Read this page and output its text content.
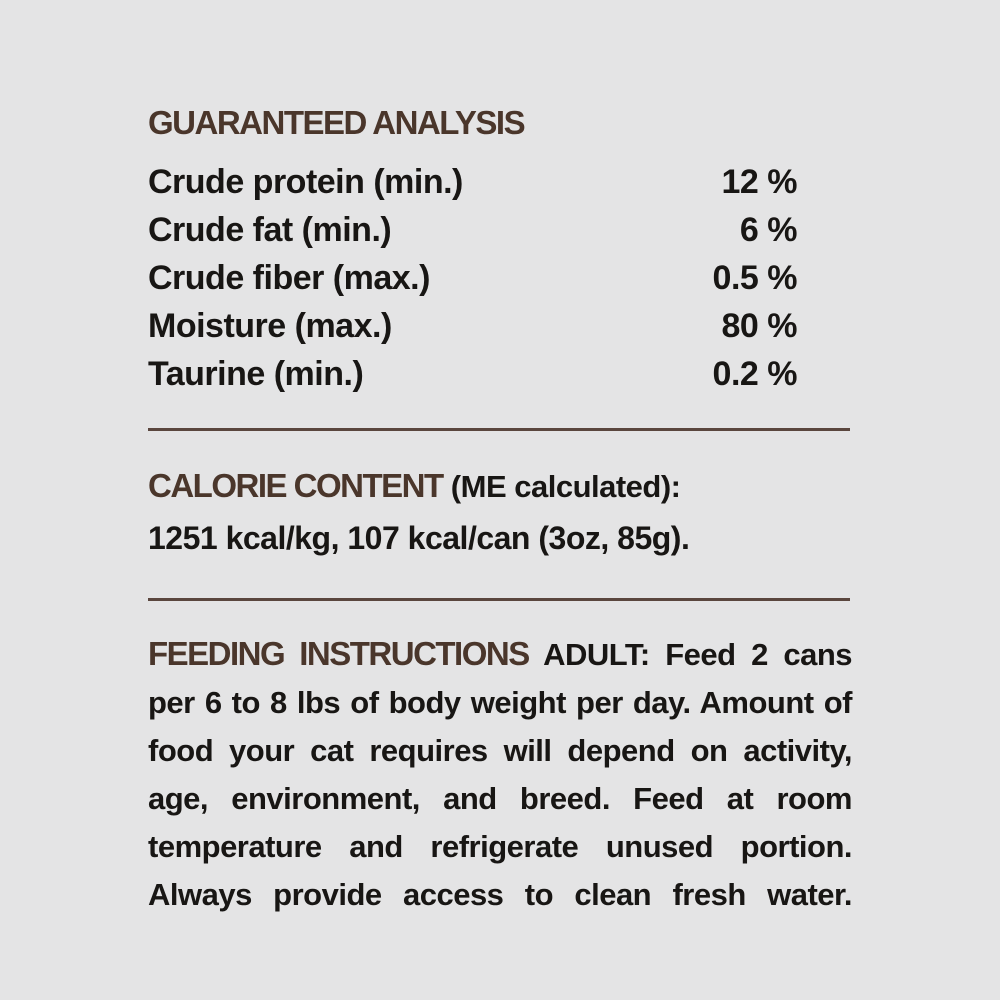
GUARANTEED ANALYSIS
Crude protein (min.)	12 %
Crude fat (min.)	6 %
Crude fiber (max.)	0.5 %
Moisture (max.)	80 %
Taurine (min.)	0.2 %
CALORIE CONTENT (ME calculated):
1251 kcal/kg, 107 kcal/can (3oz, 85g).
FEEDING INSTRUCTIONS ADULT: Feed 2 cans
per 6 to 8 lbs of body weight per day. Amount of
food your cat requires will depend on activity,
age, environment, and breed. Feed at room
temperature and refrigerate unused portion.
Always provide access to clean fresh water.
